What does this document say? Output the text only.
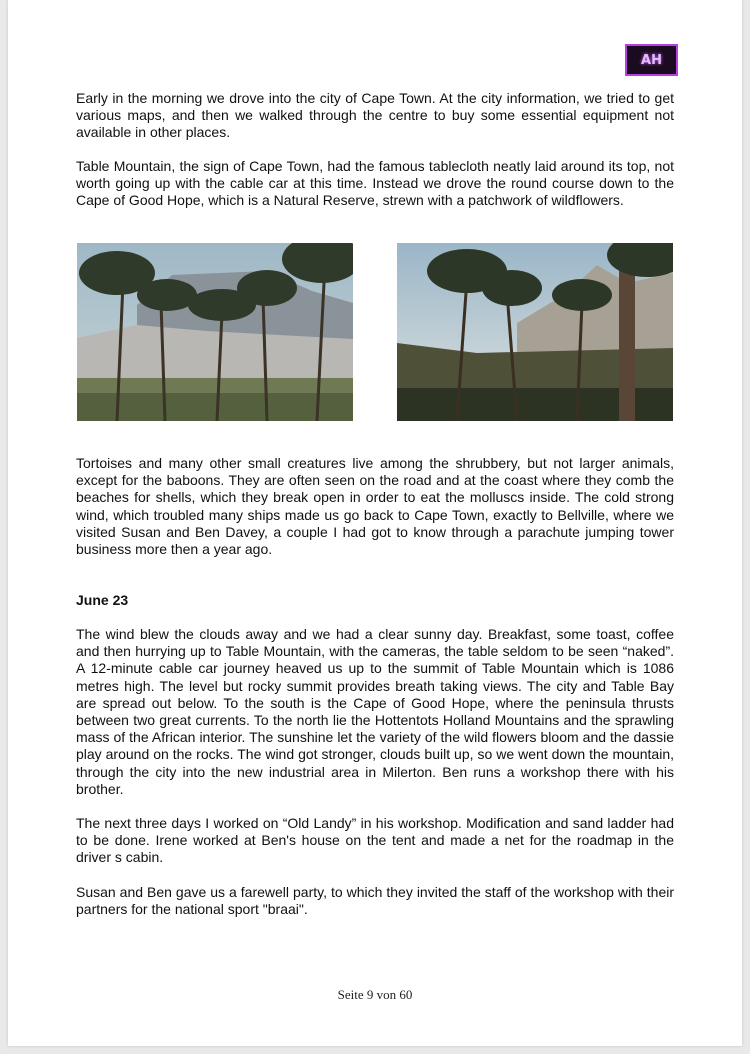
AH

Early in the morning we drove into the city of Cape Town. At the city information, we tried to get various maps, and then we walked through the centre to buy some essential equipment not available in other places.

Table Mountain, the sign of Cape Town, had the famous tablecloth neatly laid around its top, not worth going up with the cable car at this time. Instead we drove the round course down to the Cape of Good Hope, which is a Natural Reserve, strewn with a patchwork of wildflowers.

Tortoises and many other small creatures live among the shrubbery, but not larger animals, except for the baboons. They are often seen on the road and at the coast where they comb the beaches for shells, which they break open in order to eat the molluscs inside. The cold strong wind, which troubled many ships made us go back to Cape Town, exactly to Bellville, where we visited Susan and Ben Davey, a couple I had got to know through a parachute jumping tower business more then a year ago.

June 23

The wind blew the clouds away and we had a clear sunny day. Breakfast, some toast, coffee and then hurrying up to Table Mountain, with the cameras, the table seldom to be seen “naked”. A 12-minute cable car journey heaved us up to the summit of Table Mountain which is 1086 metres high. The level but rocky summit provides breath taking views. The city and Table Bay are spread out below. To the south is the Cape of Good Hope, where the peninsula thrusts between two great currents. To the north lie the Hottentots Holland Mountains and the sprawling mass of the African interior. The sunshine let the variety of the wild flowers bloom and the dassie play around on the rocks. The wind got stronger, clouds built up, so we went down the mountain, through the city into the new industrial area in Milerton. Ben runs a workshop there with his brother.

The next three days I worked on “Old Landy” in his workshop. Modification and sand ladder had to be done. Irene worked at Ben's house on the tent and made a net for the roadmap in the driver s cabin.

Susan and Ben gave us a farewell party, to which they invited the staff of the workshop with their partners for the national sport "braai".

Seite 9 von 60
